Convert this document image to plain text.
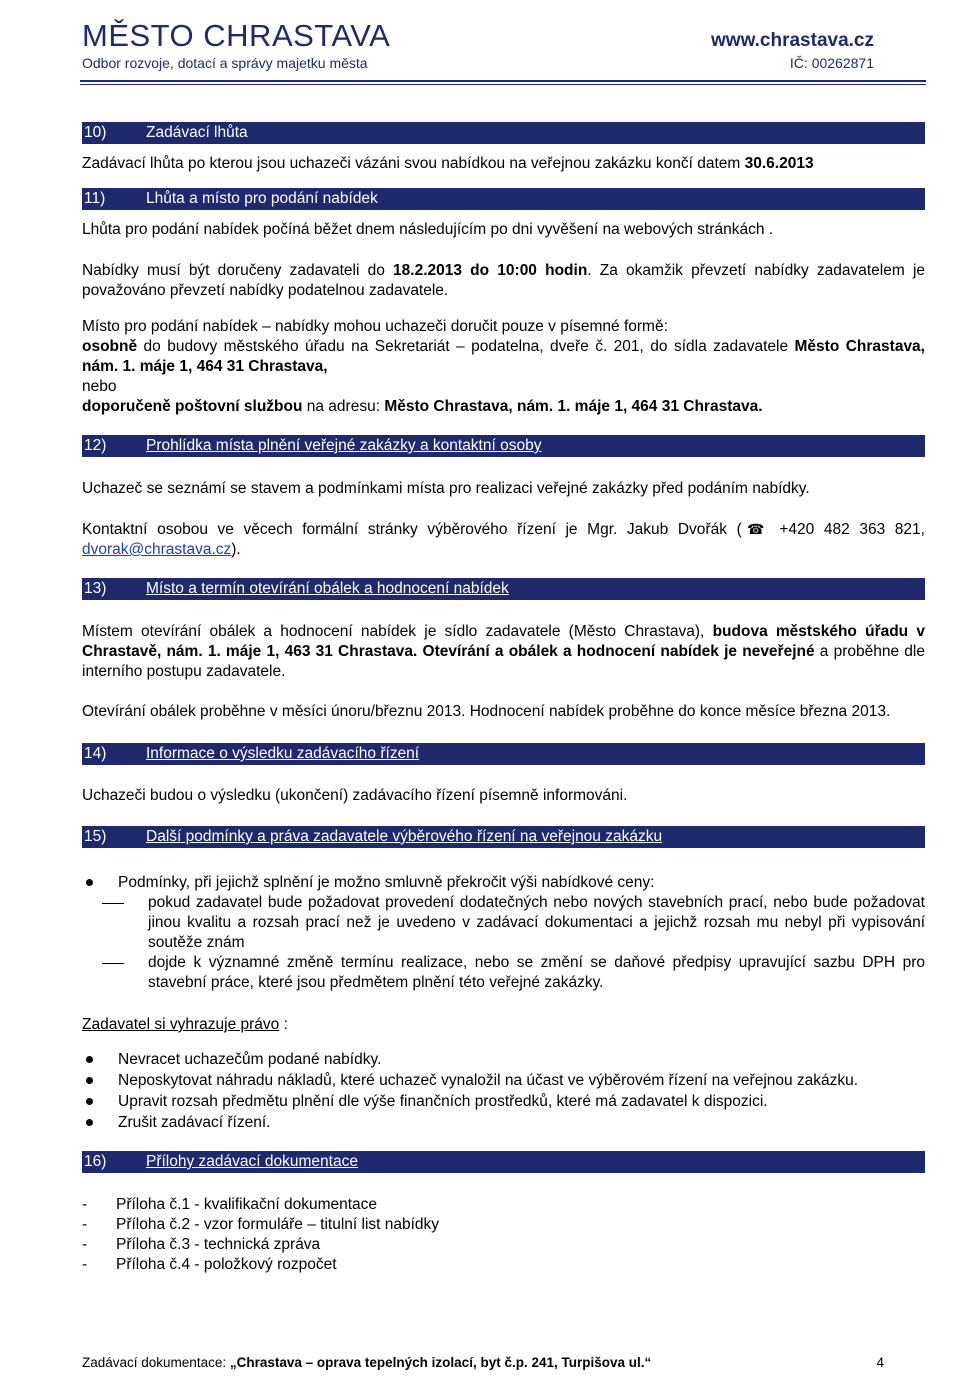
MĚSTO CHRASTAVA
Odbor rozvoje, dotací a správy majetku města
www.chrastava.cz
IČ: 00262871
10)	Zadávací lhůta

Zadávací lhůta po kterou jsou uchazeči vázáni svou nabídkou na veřejnou zakázku končí datem 30.6.2013

11)	Lhůta a místo pro podání nabídek

Lhůta pro podání nabídek počíná běžet dnem následujícím po dni vyvěšení na webových stránkách .

Nabídky musí být doručeny zadavateli do 18.2.2013 do 10:00 hodin. Za okamžik převzetí nabídky zadavatelem je považováno převzetí nabídky podatelnou zadavatele.

Místo pro podání nabídek – nabídky mohou uchazeči doručit pouze v písemné formě:
osobně do budovy městského úřadu na Sekretariát – podatelna, dveře č. 201, do sídla zadavatele Město Chrastava, nám. 1. máje 1, 464 31 Chrastava,
nebo
doporučeně poštovní službou na adresu: Město Chrastava, nám. 1. máje 1, 464 31 Chrastava.
12)	Prohlídka místa plnění veřejné zakázky a kontaktní osoby

Uchazeč se seznámí se stavem a podmínkami místa pro realizaci veřejné zakázky před podáním nabídky.

Kontaktní osobou ve věcech formální stránky výběrového řízení je Mgr. Jakub Dvořák (☎ +420 482 363 821, dvorak@chrastava.cz).

13)	Místo a termín otevírání obálek a hodnocení nabídek

Místem otevírání obálek a hodnocení nabídek je sídlo zadavatele (Město Chrastava), budova městského úřadu v Chrastavě, nám. 1. máje 1, 463 31 Chrastava. Otevírání a obálek a hodnocení nabídek je neveřejné a proběhne dle interního postupu zadavatele.

Otevírání obálek proběhne v měsíci únoru/březnu 2013. Hodnocení nabídek proběhne do konce měsíce března 2013.

14)	Informace o výsledku zadávacího řízení

Uchazeči budou o výsledku (ukončení) zadávacího řízení písemně informováni.

15)	Další podmínky a práva zadavatele výběrového řízení na veřejnou zakázku
Podmínky, při jejichž splnění je možno smluvně překročit výši nabídkové ceny:
pokud zadavatel bude požadovat provedení dodatečných nebo nových stavebních prací, nebo bude požadovat jinou kvalitu a rozsah prací než je uvedeno v zadávací dokumentaci a jejichž rozsah mu nebyl při vypisování soutěže znám
dojde k významné změně termínu realizace, nebo se změní se daňové předpisy upravující sazbu DPH pro stavební práce, které jsou předmětem plnění této veřejné zakázky.

Zadavatel si vyhrazuje právo :

Nevracet uchazečům podané nabídky.
Neposkytovat náhradu nákladů, které uchazeč vynaložil na účast ve výběrovém řízení na veřejnou zakázku.
Upravit rozsah předmětu plnění dle výše finančních prostředků, které má zadavatel k dispozici.
Zrušit zadávací řízení.
16)	Přílohy zadávací dokumentace
- Příloha č.1 - kvalifikační dokumentace
- Příloha č.2 - vzor formuláře – titulní list nabídky
- Příloha č.3 - technická zpráva
- Příloha č.4 - položkový rozpočet
Zadávací dokumentace: „Chrastava – oprava tepelných izolací, byt č.p. 241, Turpišova ul.“	4
